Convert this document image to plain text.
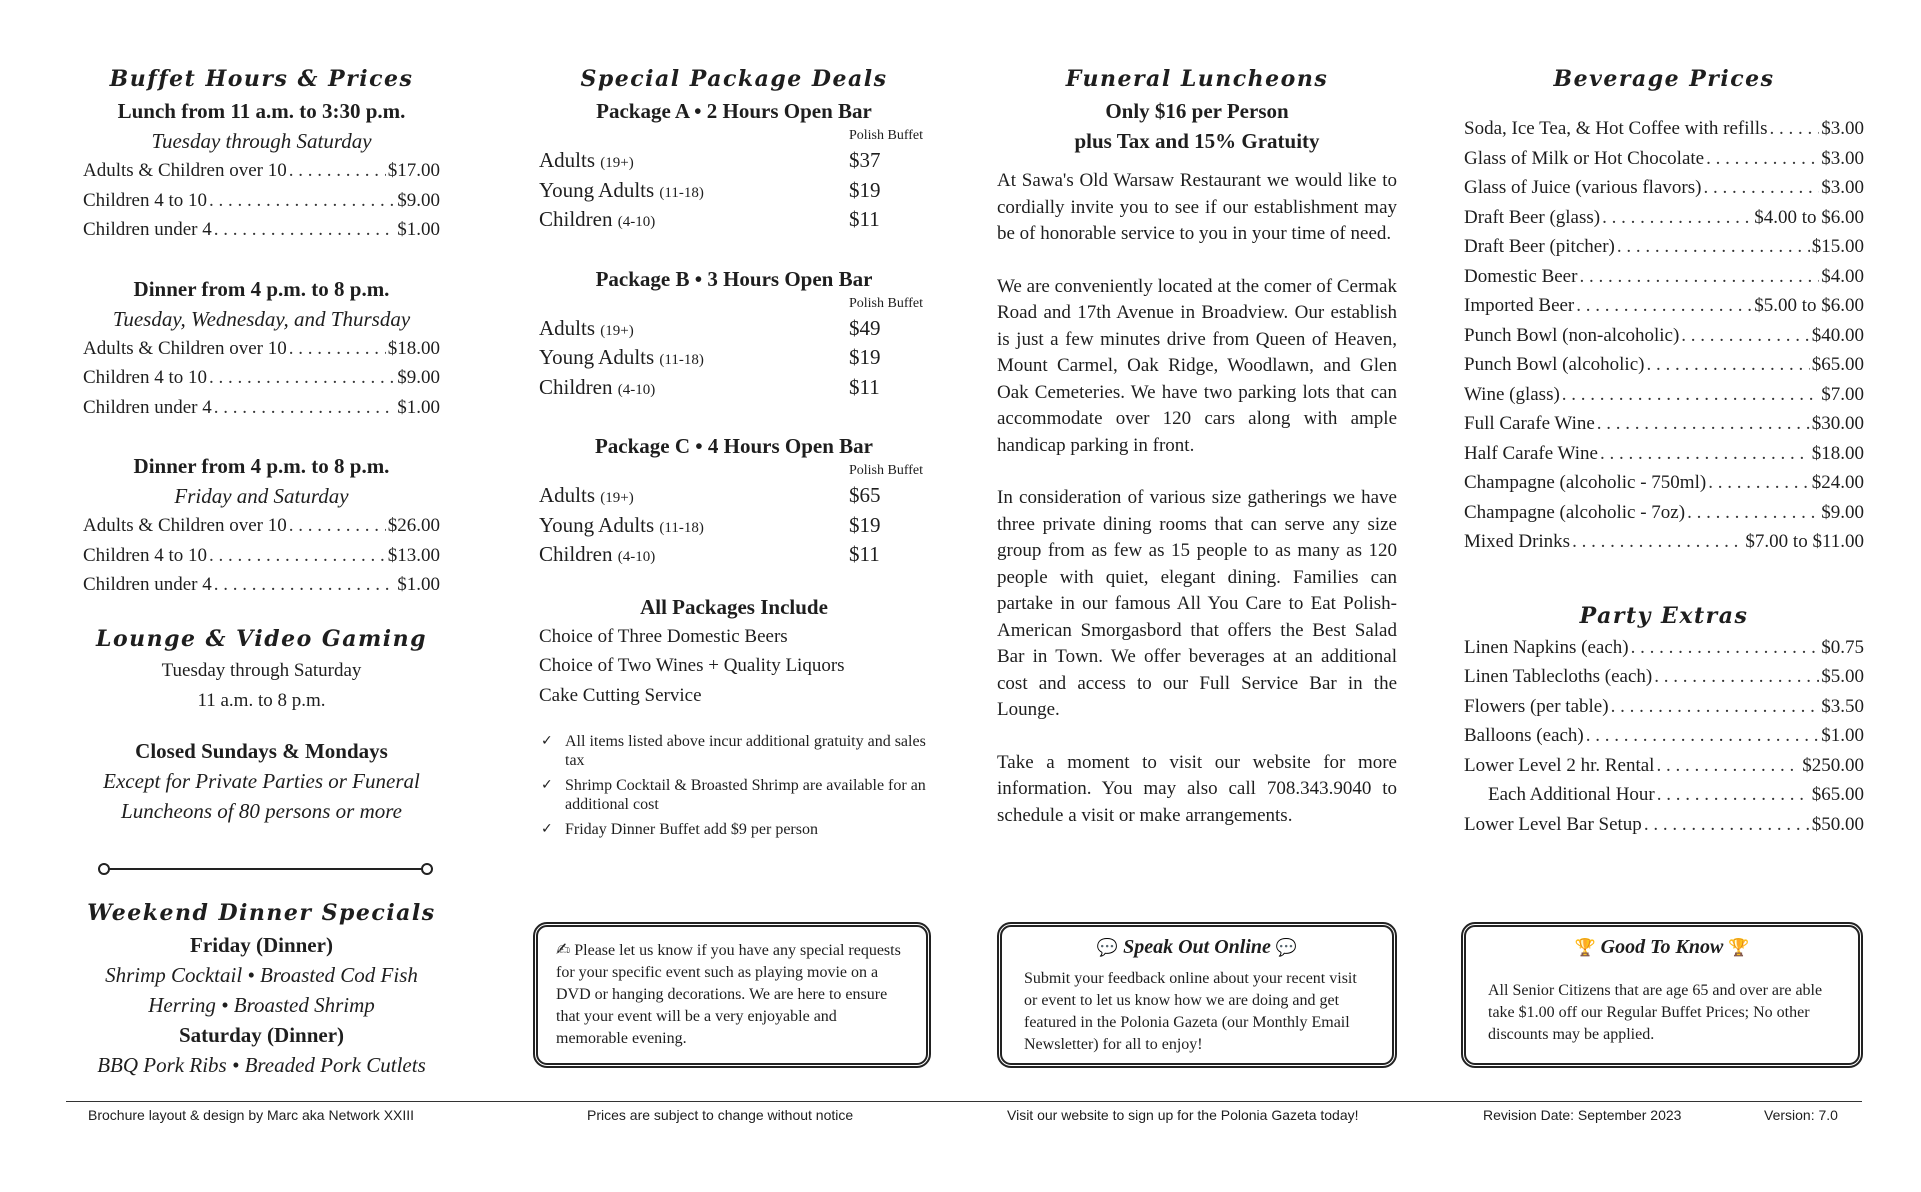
Buffet Hours & Prices
Lunch from 11 a.m. to 3:30 p.m.
Tuesday through Saturday
Adults & Children over 10 . . .	$17.00
Children 4 to 10 . . .	$9.00
Children under 4 . . .	$1.00
Dinner from 4 p.m. to 8 p.m.
Tuesday, Wednesday, and Thursday
Adults & Children over 10 . . .	$18.00
Children 4 to 10 . . .	$9.00
Children under 4 . . .	$1.00
Dinner from 4 p.m. to 8 p.m.
Friday and Saturday
Adults & Children over 10 . . .	$26.00
Children 4 to 10 . . .	$13.00
Children under 4 . . .	$1.00
Lounge & Video Gaming
Tuesday through Saturday
11 a.m. to 8 p.m.
Closed Sundays & Mondays
Except for Private Parties or Funeral
Luncheons of 80 persons or more
Weekend Dinner Specials
Friday (Dinner)
Shrimp Cocktail • Broasted Cod Fish
Herring • Broasted Shrimp
Saturday (Dinner)
BBQ Pork Ribs • Breaded Pork Cutlets
Special Package Deals
Package A • 2 Hours Open Bar
Polish Buffet
Adults (19+)	$37
Young Adults (11-18)	$19
Children (4-10)	$11
Package B • 3 Hours Open Bar
Polish Buffet
Adults (19+)	$49
Young Adults (11-18)	$19
Children (4-10)	$11
Package C • 4 Hours Open Bar
Polish Buffet
Adults (19+)	$65
Young Adults (11-18)	$19
Children (4-10)	$11
All Packages Include
Choice of Three Domestic Beers
Choice of Two Wines + Quality Liquors
Cake Cutting Service
✓ All items listed above incur additional gratuity and sales tax
✓ Shrimp Cocktail & Broasted Shrimp are available for an additional cost
✓ Friday Dinner Buffet add $9 per person
✍ Please let us know if you have any special requests for your specific event such as playing movie on a DVD or hanging decorations. We are here to ensure that your event will be a very enjoyable and memorable evening.
Funeral Luncheons
Only $16 per Person
plus Tax and 15% Gratuity

At Sawa's Old Warsaw Restaurant we would like to cordially invite you to see if our establishment may be of honorable service to you in your time of need.

We are conveniently located at the comer of Cermak Road and 17th Avenue in Broadview. Our establish is just a few minutes drive from Queen of Heaven, Mount Carmel, Oak Ridge, Woodlawn, and Glen Oak Cemeteries. We have two parking lots that can accommodate over 120 cars along with ample handicap parking in front.

In consideration of various size gatherings we have three private dining rooms that can serve any size group from as few as 15 people to as many as 120 people with quiet, elegant dining. Families can partake in our famous All You Care to Eat Polish-American Smorgasbord that offers the Best Salad Bar in Town. We offer beverages at an additional cost and access to our Full Service Bar in the Lounge.

Take a moment to visit our website for more information. You may also call 708.343.9040 to schedule a visit or make arrangements.

💬 Speak Out Online 💬
Submit your feedback online about your recent visit or event to let us know how we are doing and get featured in the Polonia Gazeta (our Monthly Email Newsletter) for all to enjoy!
Beverage Prices
Soda, Ice Tea, & Hot Coffee with refills . . .	$3.00
Glass of Milk or Hot Chocolate . . .	$3.00
Glass of Juice (various flavors) . . .	$3.00
Draft Beer (glass) . . .	$4.00 to $6.00
Draft Beer (pitcher) . . .	$15.00
Domestic Beer . . .	$4.00
Imported Beer . . .	$5.00 to $6.00
Punch Bowl (non-alcoholic) . . .	$40.00
Punch Bowl (alcoholic) . . .	$65.00
Wine (glass) . . .	$7.00
Full Carafe Wine . . .	$30.00
Half Carafe Wine . . .	$18.00
Champagne (alcoholic - 750ml) . . .	$24.00
Champagne (alcoholic - 7oz) . . .	$9.00
Mixed Drinks . . .	$7.00 to $11.00
Party Extras
Linen Napkins (each) . . .	$0.75
Linen Tablecloths (each) . . .	$5.00
Flowers (per table) . . .	$3.50
Balloons (each) . . .	$1.00
Lower Level 2 hr. Rental . . .	$250.00
Each Additional Hour . . .	$65.00
Lower Level Bar Setup . . .	$50.00
🏆 Good To Know 🏆
All Senior Citizens that are age 65 and over are able take $1.00 off our Regular Buffet Prices; No other discounts may be applied.
Brochure layout & design by Marc aka Network XXIII	Prices are subject to change without notice	Visit our website to sign up for the Polonia Gazeta today!	Revision Date: September 2023	Version: 7.0
